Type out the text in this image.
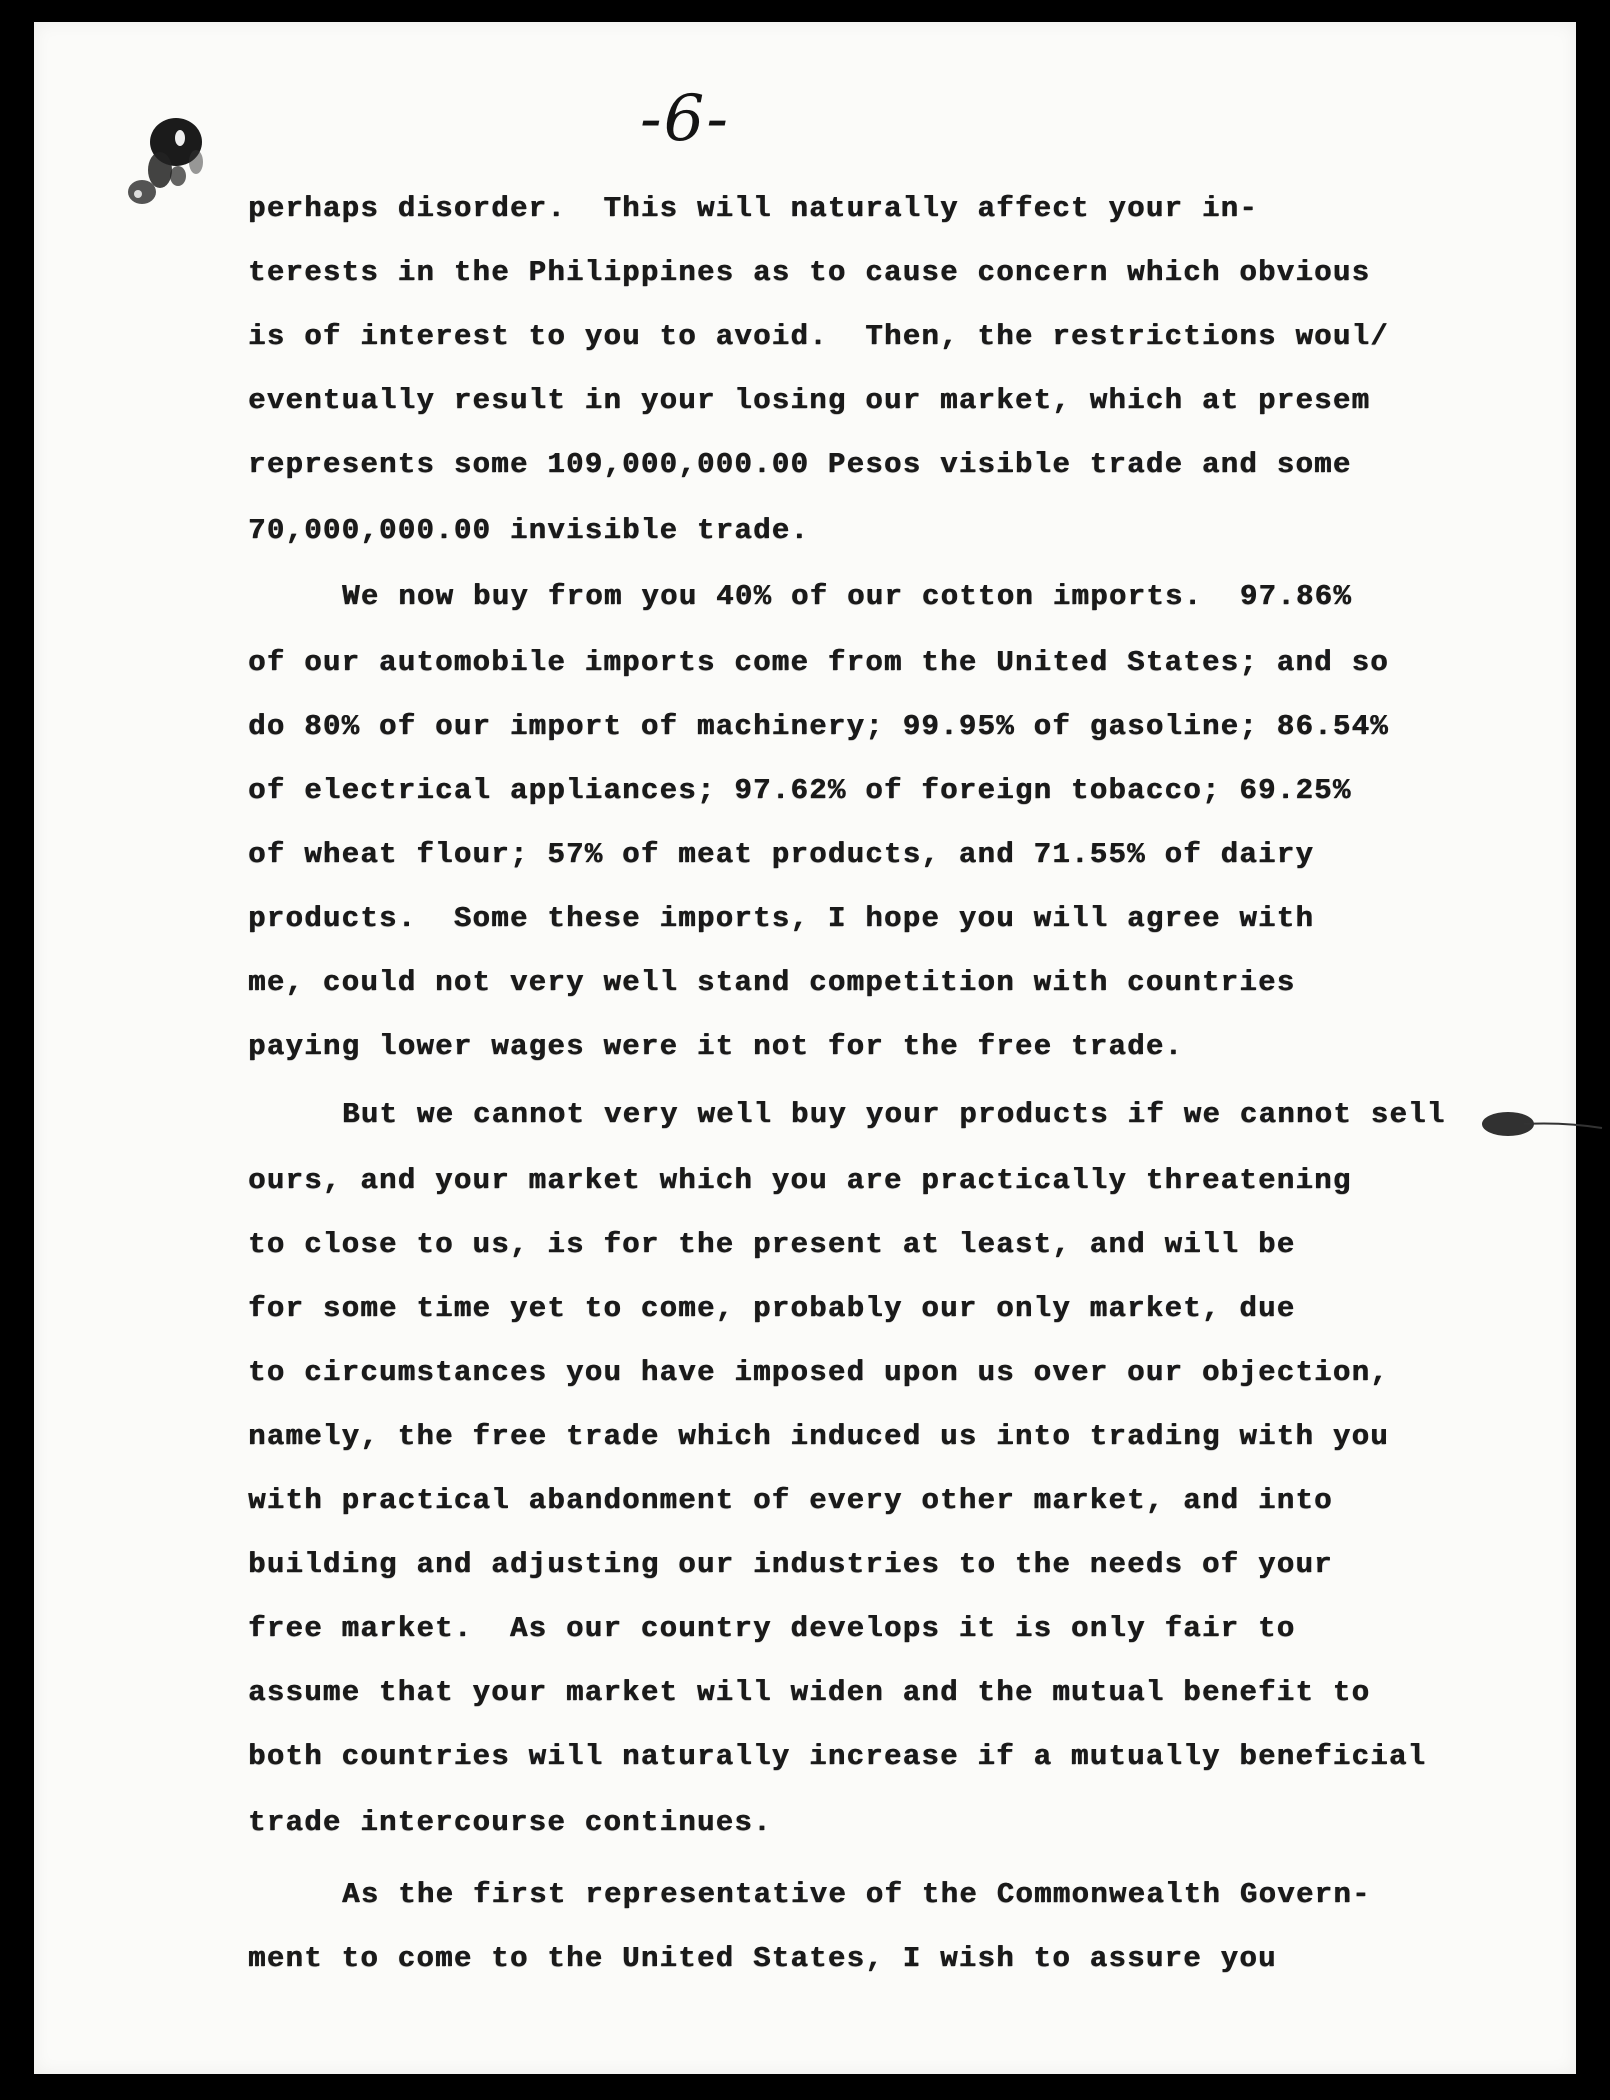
-6-
perhaps disorder.  This will naturally affect your in-
terests in the Philippines as to cause concern which obvious
is of interest to you to avoid.  Then, the restrictions woul/
eventually result in your losing our market, which at presem
represents some 109,000,000.00 Pesos visible trade and some
70,000,000.00 invisible trade.
We now buy from you 40% of our cotton imports.  97.86%
of our automobile imports come from the United States; and so
do 80% of our import of machinery; 99.95% of gasoline; 86.54%
of electrical appliances; 97.62% of foreign tobacco; 69.25%
of wheat flour; 57% of meat products, and 71.55% of dairy
products.  Some these imports, I hope you will agree with
me, could not very well stand competition with countries
paying lower wages were it not for the free trade.
But we cannot very well buy your products if we cannot sell
ours, and your market which you are practically threatening
to close to us, is for the present at least, and will be
for some time yet to come, probably our only market, due
to circumstances you have imposed upon us over our objection,
namely, the free trade which induced us into trading with you
with practical abandonment of every other market, and into
building and adjusting our industries to the needs of your
free market.  As our country develops it is only fair to
assume that your market will widen and the mutual benefit to
both countries will naturally increase if a mutually beneficial
trade intercourse continues.
As the first representative of the Commonwealth Govern-
ment to come to the United States, I wish to assure you
